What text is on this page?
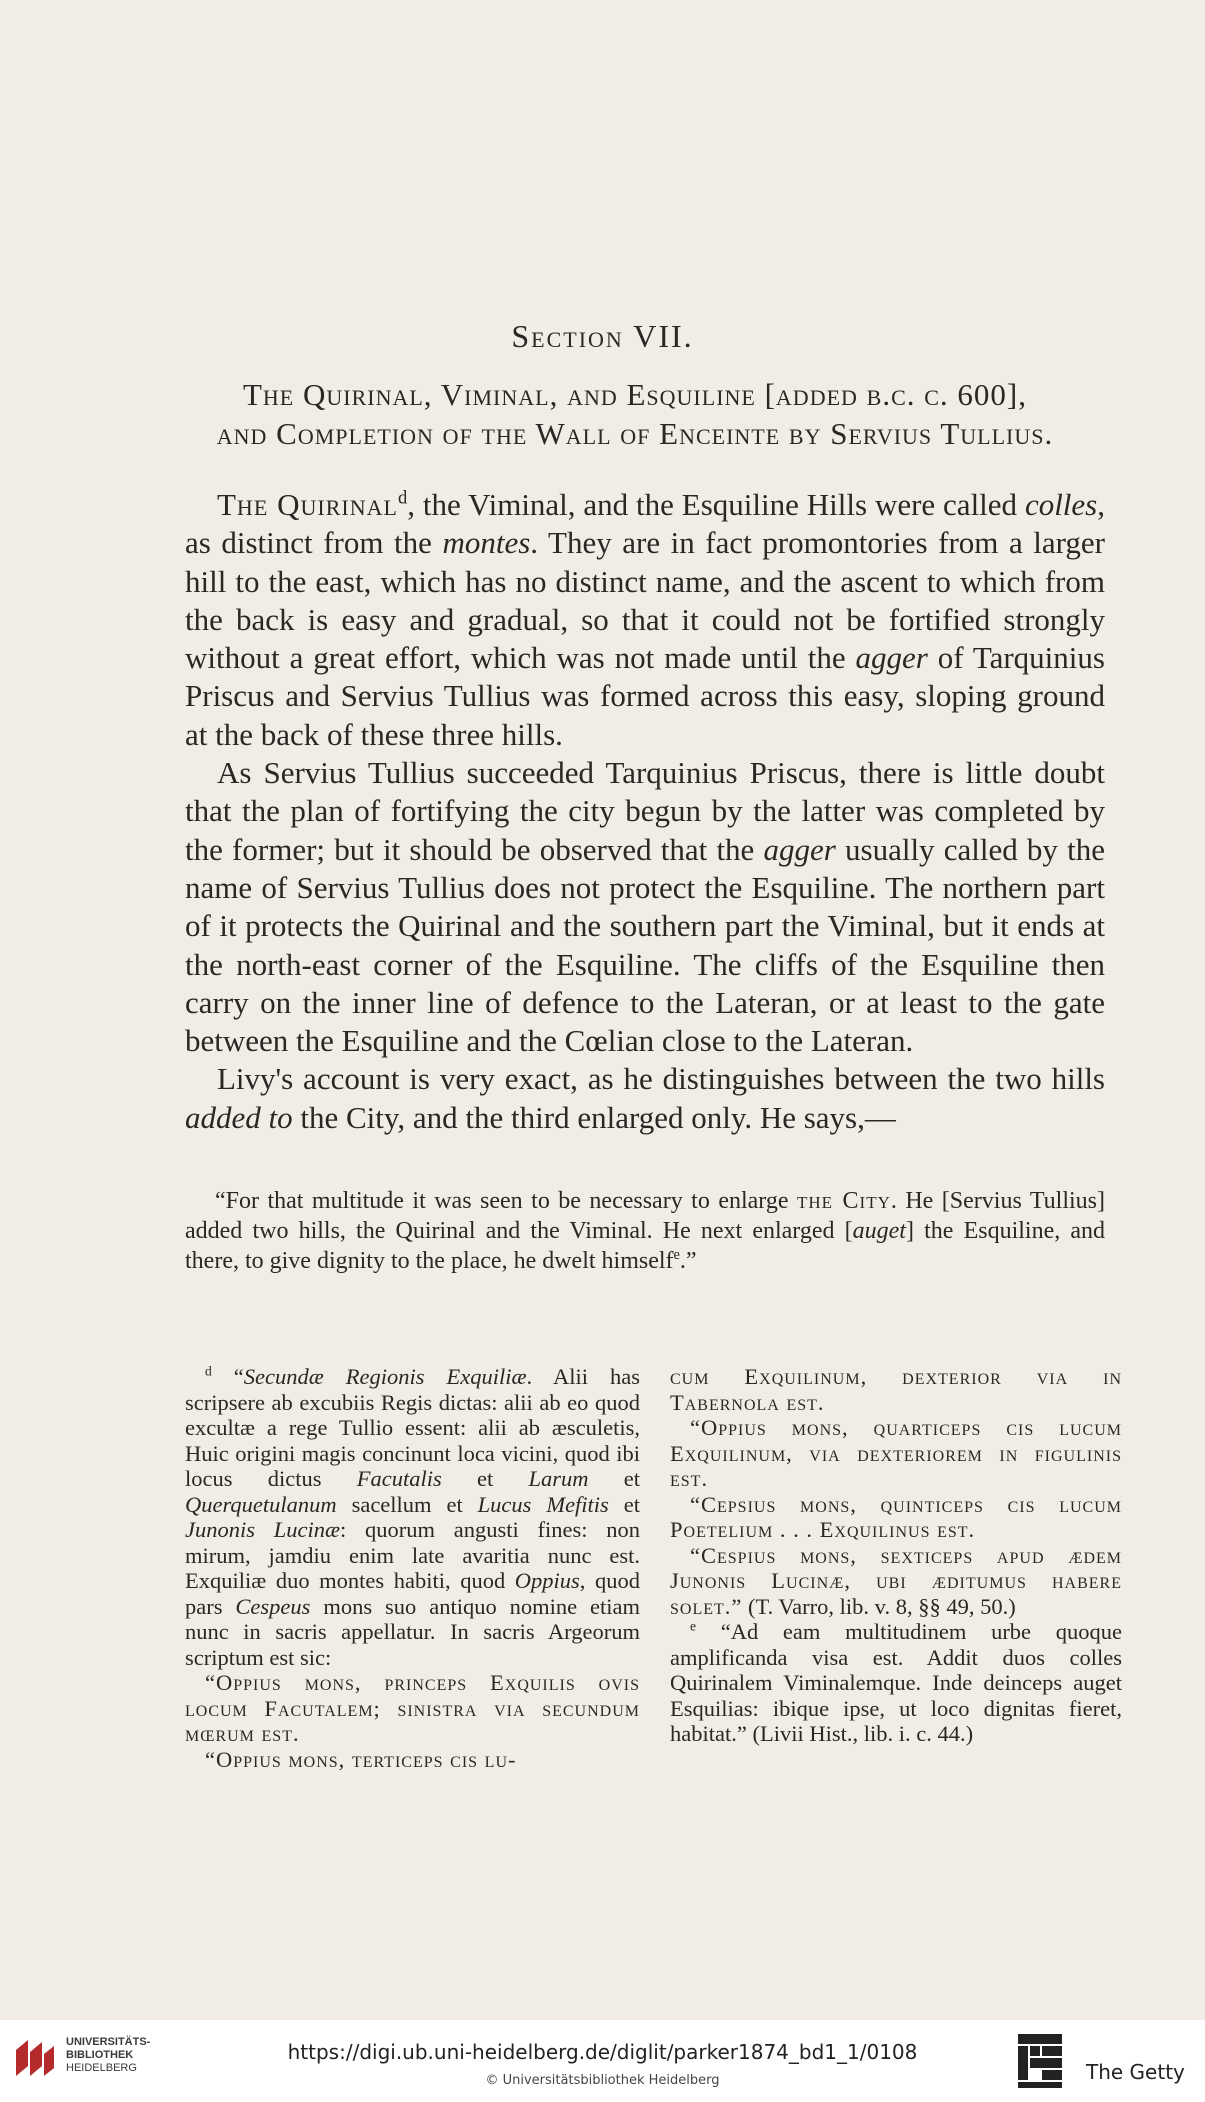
Section VII.
The Quirinal, Viminal, and Esquiline [added b.c. c. 600],
and Completion of the Wall of Enceinte by Servius Tullius.

The Quirinal$^d$, the Viminal, and the Esquiline Hills were called colles, as distinct from the montes. They are in fact promontories from a larger hill to the east, which has no distinct name, and the ascent to which from the back is easy and gradual, so that it could not be fortified strongly without a great effort, which was not made until the agger of Tarquinius Priscus and Servius Tullius was formed across this easy, sloping ground at the back of these three hills.

As Servius Tullius succeeded Tarquinius Priscus, there is little doubt that the plan of fortifying the city begun by the latter was completed by the former; but it should be observed that the agger usually called by the name of Servius Tullius does not protect the Esquiline. The northern part of it protects the Quirinal and the southern part the Viminal, but it ends at the north-east corner of the Esquiline. The cliffs of the Esquiline then carry on the inner line of defence to the Lateran, or at least to the gate between the Esquiline and the Cœlian close to the Lateran.

Livy's account is very exact, as he distinguishes between the two hills added to the City, and the third enlarged only. He says,—

“For that multitude it was seen to be necessary to enlarge the City. He [Servius Tullius] added two hills, the Quirinal and the Viminal. He next enlarged [auget] the Esquiline, and there, to give dignity to the place, he dwelt himself$^e$.”

$^d$ “Secundæ Regionis Exquiliæ. Alii has scripsere ab excubiis Regis dictas: alii ab eo quod excultæ a rege Tullio essent: alii ab æsculetis, Huic origini magis concinunt loca vicini, quod ibi locus dictus Facutalis et Larum et Querquetulanum sacellum et Lucus Mefitis et Junonis Lucinæ: quorum angusti fines: non mirum, jamdiu enim late avaritia nunc est. Exquiliæ duo montes habiti, quod Oppius, quod pars Cespeus mons suo antiquo nomine etiam nunc in sacris appellatur. In sacris Argeorum scriptum est sic:

“Oppius mons, princeps Exquilis ovis locum Facutalem; sinistra via secundum mœrum est.

“Oppius mons, terticeps cis lu-

cum Exquilinum, dexterior via in Tabernola est.

“Oppius mons, quarticeps cis lucum Exquilinum, via dexteriorem in figulinis est.

“Cepsius mons, quinticeps cis lucum Poetelium . . . Exquilinus est.

“Cespius mons, sexticeps apud ædem Junonis Lucinæ, ubi æditumus habere solet.” (T. Varro, lib. v. 8, §§ 49, 50.)

$^e$ “Ad eam multitudinem urbe quoque amplificanda visa est. Addit duos colles Quirinalem Viminalemque. Inde deinceps auget Esquilias: ibique ipse, ut loco dignitas fieret, habitat.” (Livii Hist., lib. i. c. 44.)

UNIVERSITÄTS-
BIBLIOTHEK
HEIDELBERG
https://digi.ub.uni-heidelberg.de/diglit/parker1874_bd1_1/0108
© Universitätsbibliothek Heidelberg	The Getty
